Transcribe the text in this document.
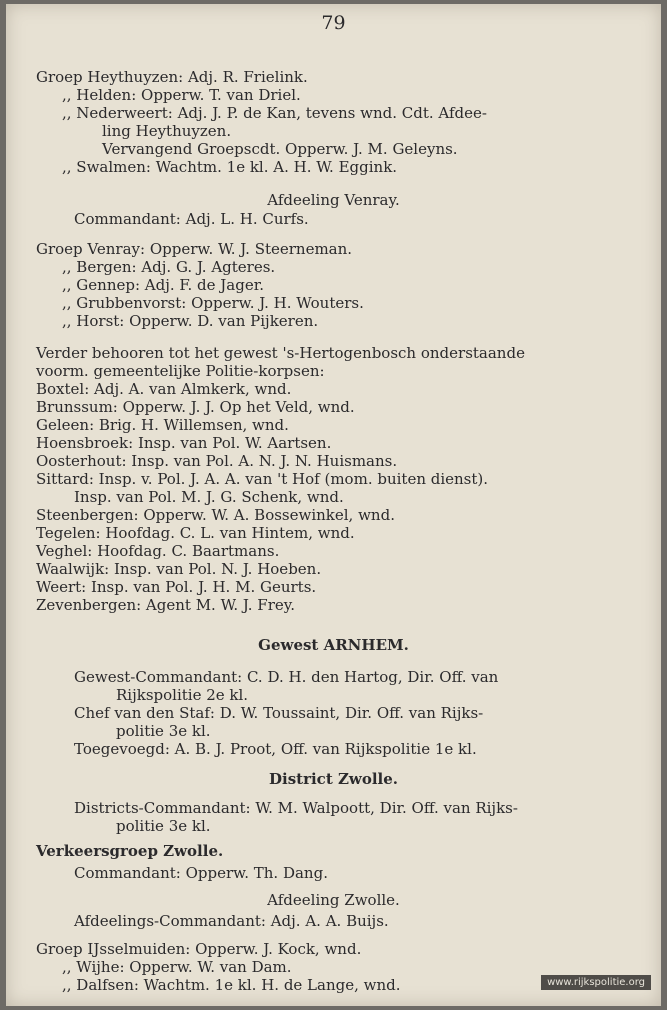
79
Groep Heythuyzen: Adj. R. Frielink.
,, Helden: Opperw. T. van Driel.
,, Nederweert: Adj. J. P. de Kan, tevens wnd. Cdt. Afdee-
ling Heythuyzen.
Vervangend Groepscdt. Opperw. J. M. Geleyns.
,, Swalmen: Wachtm. 1e kl. A. H. W. Eggink.
Afdeeling Venray.
Commandant: Adj. L. H. Curfs.
Groep Venray: Opperw. W. J. Steerneman.
,, Bergen: Adj. G. J. Agteres.
,, Gennep: Adj. F. de Jager.
,, Grubbenvorst: Opperw. J. H. Wouters.
,, Horst: Opperw. D. van Pijkeren.
Verder behooren tot het gewest 's-Hertogenbosch onderstaande
voorm. gemeentelijke Politie-korpsen:
Boxtel: Adj. A. van Almkerk, wnd.
Brunssum: Opperw. J. J. Op het Veld, wnd.
Geleen: Brig. H. Willemsen, wnd.
Hoensbroek: Insp. van Pol. W. Aartsen.
Oosterhout: Insp. van Pol. A. N. J. N. Huismans.
Sittard: Insp. v. Pol. J. A. A. van 't Hof (mom. buiten dienst).
Insp. van Pol. M. J. G. Schenk, wnd.
Steenbergen: Opperw. W. A. Bossewinkel, wnd.
Tegelen: Hoofdag. C. L. van Hintem, wnd.
Veghel: Hoofdag. C. Baartmans.
Waalwijk: Insp. van Pol. N. J. Hoeben.
Weert: Insp. van Pol. J. H. M. Geurts.
Zevenbergen: Agent M. W. J. Frey.
Gewest ARNHEM.
Gewest-Commandant: C. D. H. den Hartog, Dir. Off. van
Rijkspolitie 2e kl.
Chef van den Staf: D. W. Toussaint, Dir. Off. van Rijks-
politie 3e kl.
Toegevoegd: A. B. J. Proot, Off. van Rijkspolitie 1e kl.
District Zwolle.
Districts-Commandant: W. M. Walpoott, Dir. Off. van Rijks-
politie 3e kl.
Verkeersgroep Zwolle.
Commandant: Opperw. Th. Dang.
Afdeeling Zwolle.
Afdeelings-Commandant: Adj. A. A. Buijs.
Groep IJsselmuiden: Opperw. J. Kock, wnd.
,, Wijhe: Opperw. W. van Dam.
,, Dalfsen: Wachtm. 1e kl. H. de Lange, wnd.	www.rijkspolitie.org
